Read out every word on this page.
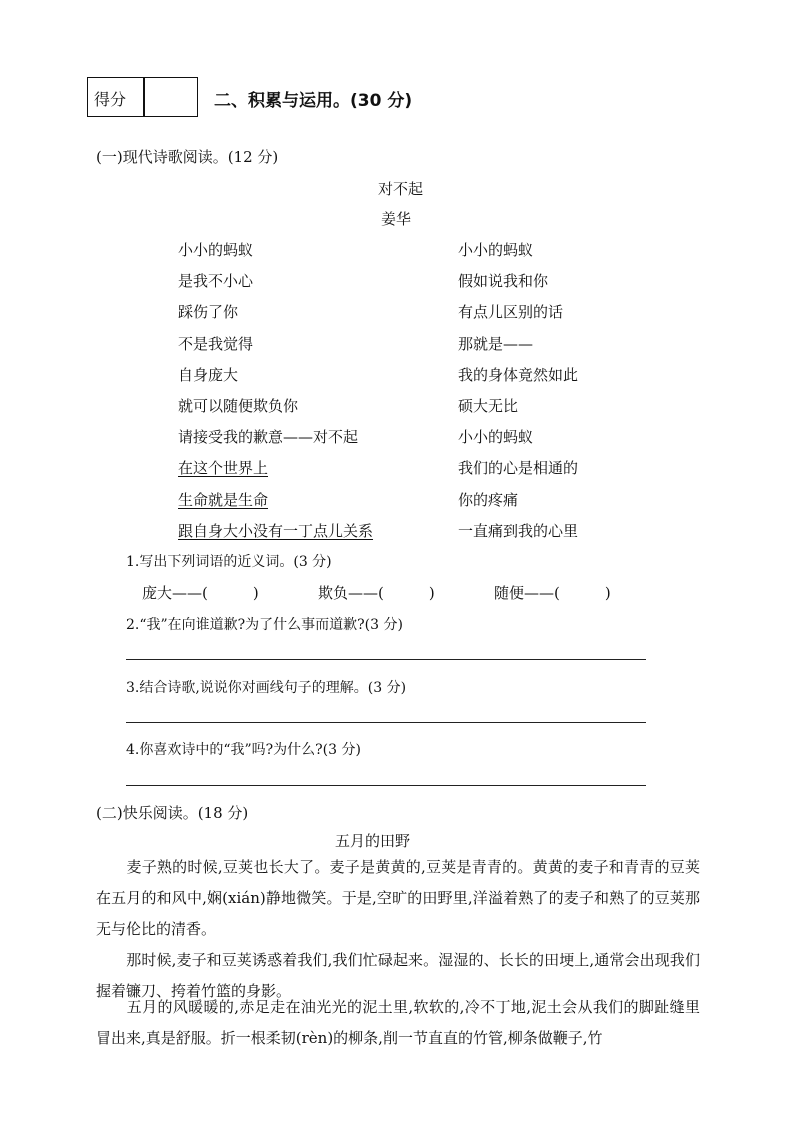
得分	二、积累与运用。(30 分)
(一)现代诗歌阅读。(12 分)
对不起
姜华
小小的蚂蚁
是我不小心
踩伤了你
不是我觉得
自身庞大
就可以随便欺负你
请接受我的歉意——对不起
在这个世界上
生命就是生命
跟自身大小没有一丁点儿关系
小小的蚂蚁
假如说我和你
有点儿区别的话
那就是——
我的身体竟然如此
硕大无比
小小的蚂蚁
我们的心是相通的
你的疼痛
一直痛到我的心里
1.写出下列词语的近义词。(3 分)
庞大——(　　　)	欺负——(　　　)	随便——(　　　)
2.“我”在向谁道歉?为了什么事而道歉?(3 分)
3.结合诗歌,说说你对画线句子的理解。(3 分)
4.你喜欢诗中的“我”吗?为什么?(3 分)
(二)快乐阅读。(18 分)
五月的田野
　　麦子熟的时候,豆荚也长大了。麦子是黄黄的,豆荚是青青的。黄黄的麦子和青青的豆荚在五月的和风中,娴(xián)静地微笑。于是,空旷的田野里,洋溢着熟了的麦子和熟了的豆荚那无与伦比的清香。
　　那时候,麦子和豆荚诱惑着我们,我们忙碌起来。湿湿的、长长的田埂上,通常会出现我们握着镰刀、挎着竹篮的身影。
　　五月的风暖暖的,赤足走在油光光的泥土里,软软的,冷不丁地,泥土会从我们的脚趾缝里冒出来,真是舒服。折一根柔韧(rèn)的柳条,削一节直直的竹管,柳条做鞭子,竹
